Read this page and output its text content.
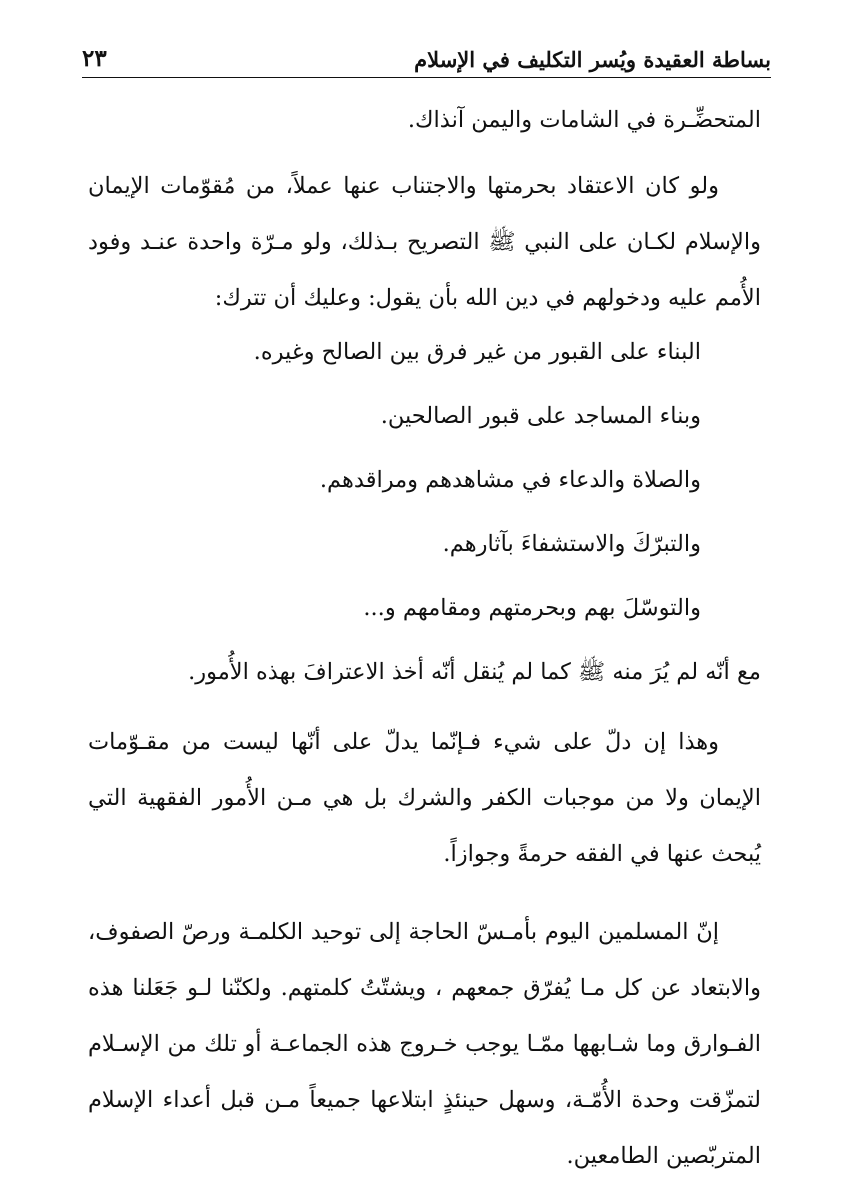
بساطة العقيدة ويُسر التكليف في الإسلام
٢٣

المتحضِّـرة في الشامات واليمن آنذاك.

ولو كان الاعتقاد بحرمتها والاجتناب عنها عملاً، من مُقوّمات الإيمان والإسلام لكـان على النبي ﷺ التصريح بـذلك، ولو مـرّة واحدة عنـد وفود الأُمم عليه ودخولهم في دين الله بأن يقول: وعليك أن تترك:

البناء على القبور من غير فرق بين الصالح وغيره.

وبناء المساجد على قبور الصالحين.

والصلاة والدعاء في مشاهدهم ومراقدهم.

والتبرّكَ والاستشفاءَ بآثارهم.

والتوسّلَ بهم وبحرمتهم ومقامهم و...

مع أنّه لم يُرَ منه ﷺ كما لم يُنقل أنّه أخذ الاعترافَ بهذه الأُمور.

وهذا إن دلّ على شيء فـإنّما يدلّ على أنّها ليست من مقـوّمات الإيمان ولا من موجبات الكفر والشرك بل هي مـن الأُمور الفقهية التي يُبحث عنها في الفقه حرمةً وجوازاً.

إنّ المسلمين اليوم بأمـسّ الحاجة إلى توحيد الكلمـة ورصّ الصفوف، والابتعاد عن كل مـا يُفرّق جمعهم ، ويشتّتُ كلمتهم. ولكنّنا لـو جَعَلنا هذه الفـوارق وما شـابهها ممّـا يوجب خـروج هذه الجماعـة أو تلك من الإسـلام لتمزّقت وحدة الأُمّـة، وسهل حينئذٍ ابتلاعها جميعاً مـن قبل أعداء الإسلام المتربّصين الطامعين.
